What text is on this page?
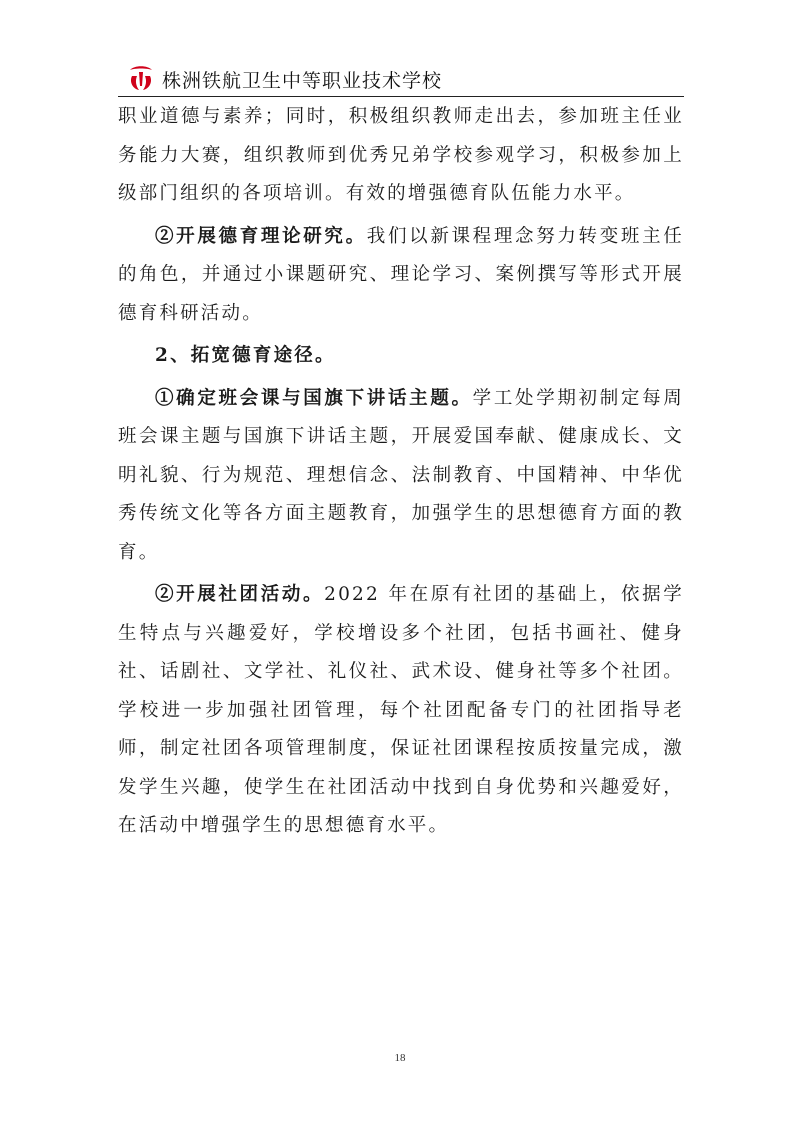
株洲铁航卫生中等职业技术学校

职业道德与素养；同时，积极组织教师走出去，参加班主任业务能力大赛，组织教师到优秀兄弟学校参观学习，积极参加上级部门组织的各项培训。有效的增强德育队伍能力水平。

②开展德育理论研究。我们以新课程理念努力转变班主任的角色，并通过小课题研究、理论学习、案例撰写等形式开展德育科研活动。

2、拓宽德育途径。

①确定班会课与国旗下讲话主题。学工处学期初制定每周班会课主题与国旗下讲话主题，开展爱国奉献、健康成长、文明礼貌、行为规范、理想信念、法制教育、中国精神、中华优秀传统文化等各方面主题教育，加强学生的思想德育方面的教育。

②开展社团活动。2022 年在原有社团的基础上，依据学生特点与兴趣爱好，学校增设多个社团，包括书画社、健身社、话剧社、文学社、礼仪社、武术设、健身社等多个社团。学校进一步加强社团管理，每个社团配备专门的社团指导老师，制定社团各项管理制度，保证社团课程按质按量完成，激发学生兴趣，使学生在社团活动中找到自身优势和兴趣爱好，在活动中增强学生的思想德育水平。

18
